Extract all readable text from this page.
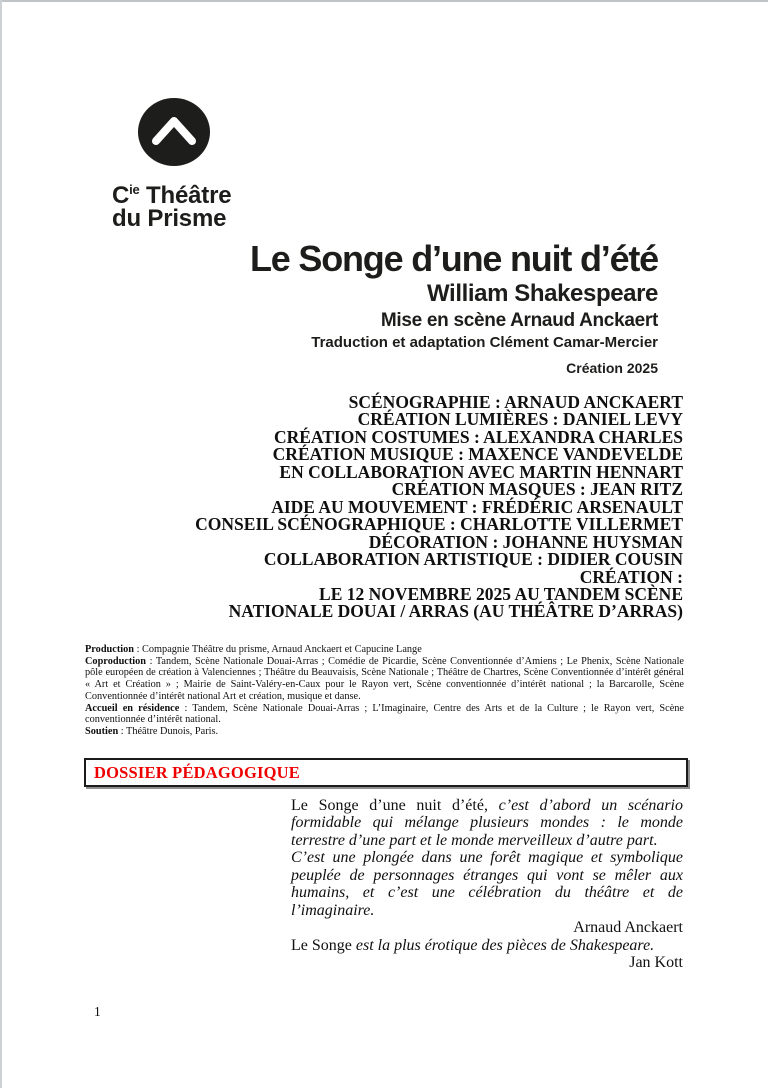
$C^{ie}$ Théâtre
du Prisme
Le Songe d’une nuit d’été
William Shakespeare
Mise en scène Arnaud Anckaert
Traduction et adaptation Clément Camar-Mercier
Création 2025
SCÉNOGRAPHIE : ARNAUD ANCKAERT
CRÉATION LUMIÈRES : DANIEL LEVY
CRÉATION COSTUMES : ALEXANDRA CHARLES
CRÉATION MUSIQUE : MAXENCE VANDEVELDE
EN COLLABORATION AVEC MARTIN HENNART
CRÉATION MASQUES : JEAN RITZ
AIDE AU MOUVEMENT : FRÉDÉRIC ARSENAULT
CONSEIL SCÉNOGRAPHIQUE : CHARLOTTE VILLERMET
DÉCORATION : JOHANNE HUYSMAN
COLLABORATION ARTISTIQUE : DIDIER COUSIN
CRÉATION :
LE 12 NOVEMBRE 2025 AU TANDEM SCÈNE
NATIONALE DOUAI / ARRAS (AU THÉÂTRE D’ARRAS)

Production : Compagnie Théâtre du prisme, Arnaud Anckaert et Capucine Lange

Coproduction : Tandem, Scène Nationale Douai-Arras ; Comédie de Picardie, Scène Conventionnée d’Amiens ; Le Phenix, Scène Nationale pôle européen de création à Valenciennes ; Théâtre du Beauvaisis, Scène Nationale ; Théâtre de Chartres, Scène Conventionnée d’intérêt général « Art et Création » ; Mairie de Saint-Valéry-en-Caux pour le Rayon vert, Scène conventionnée d’intérêt national ; la Barcarolle, Scène Conventionnée d’intérêt national Art et création, musique et danse.

Accueil en résidence : Tandem, Scène Nationale Douai-Arras ; L’Imaginaire, Centre des Arts et de la Culture ; le Rayon vert, Scène conventionnée d’intérêt national.

Soutien : Théâtre Dunois, Paris.

DOSSIER PÉDAGOGIQUE

Le Songe d’une nuit d’été, c’est d’abord un scénario formidable qui mélange plusieurs mondes : le monde terrestre d’une part et le monde merveilleux d’autre part.

C’est une plongée dans une forêt magique et symbolique peuplée de personnages étranges qui vont se mêler aux humains, et c’est une célébration du théâtre et de l’imaginaire.

Arnaud Anckaert

Le Songe est la plus érotique des pièces de Shakespeare.

Jan Kott
1
